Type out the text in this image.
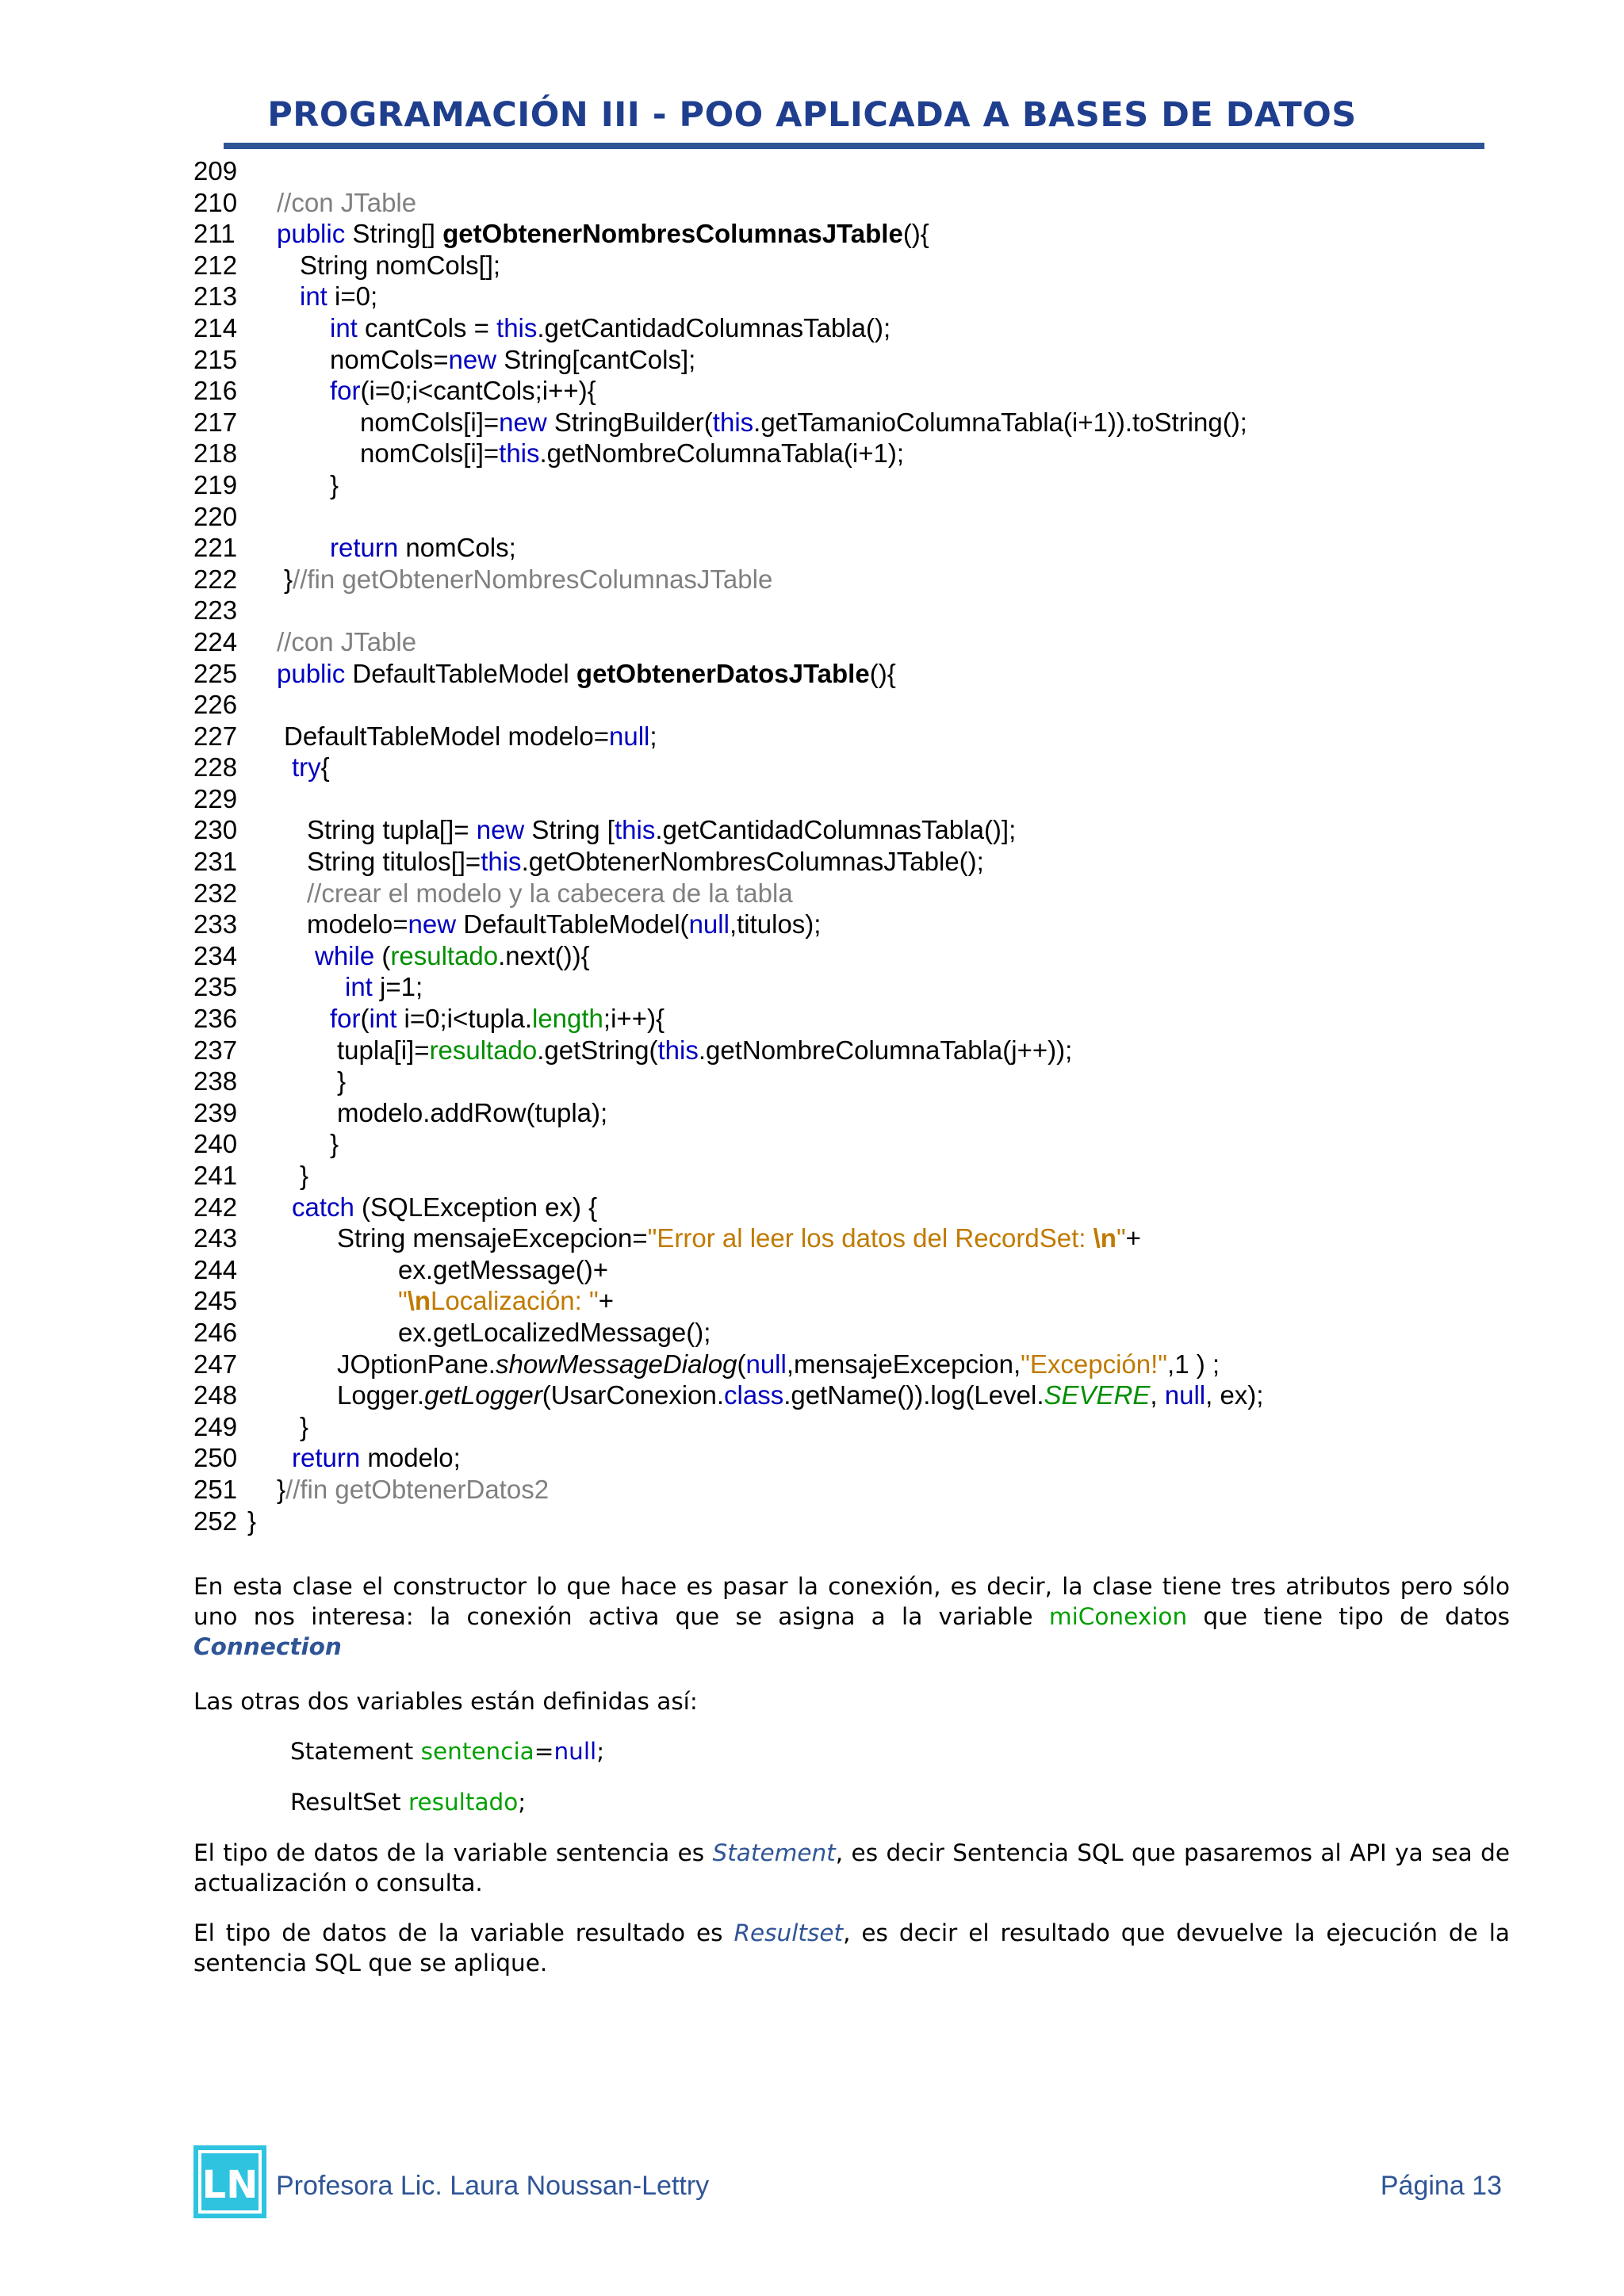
PROGRAMACIÓN III - POO APLICADA A BASES DE DATOS
209
210	//con JTable
211	public String[] getObtenerNombresColumnasJTable(){
212	String nomCols[];
213	int i=0;
214	int cantCols = this.getCantidadColumnasTabla();
215	nomCols=new String[cantCols];
216	for(i=0;i<cantCols;i++){
217	nomCols[i]=new StringBuilder(this.getTamanioColumnaTabla(i+1)).toString();
218	nomCols[i]=this.getNombreColumnaTabla(i+1);
219	}
220
221	return nomCols;
222	}//fin getObtenerNombresColumnasJTable
223
224	//con JTable
225	public DefaultTableModel getObtenerDatosJTable(){
226
227	DefaultTableModel modelo=null;
228	try{
229
230	String tupla[]= new String [this.getCantidadColumnasTabla()];
231	String titulos[]=this.getObtenerNombresColumnasJTable();
232	//crear el modelo y la cabecera de la tabla
233	modelo=new DefaultTableModel(null,titulos);
234	while (resultado.next()){
235	int j=1;
236	for(int i=0;i<tupla.length;i++){
237	tupla[i]=resultado.getString(this.getNombreColumnaTabla(j++));
238	}
239	modelo.addRow(tupla);
240	}
241	}
242	catch (SQLException ex) {
243	String mensajeExcepcion="Error al leer los datos del RecordSet: \n"+
244	ex.getMessage()+
245	"\nLocalización: "+
246	ex.getLocalizedMessage();
247	JOptionPane.showMessageDialog(null,mensajeExcepcion,"Excepción!",1 ) ;
248	Logger.getLogger(UsarConexion.class.getName()).log(Level.SEVERE, null, ex);
249	}
250	return modelo;
251	}//fin getObtenerDatos2
252 }

En esta clase el constructor lo que hace es pasar la conexión, es decir, la clase tiene tres atributos pero sólo uno nos interesa: la conexión activa que se asigna a la variable miConexion que tiene tipo de datos Connection

Las otras dos variables están definidas así:

Statement sentencia=null;

ResultSet resultado;

El tipo de datos de la variable sentencia es Statement, es decir Sentencia SQL que pasaremos al API ya sea de actualización o consulta.

El tipo de datos de la variable resultado es Resultset, es decir el resultado que devuelve la ejecución de la sentencia SQL que se aplique.

LN Profesora Lic. Laura Noussan-Lettry	Página 13
